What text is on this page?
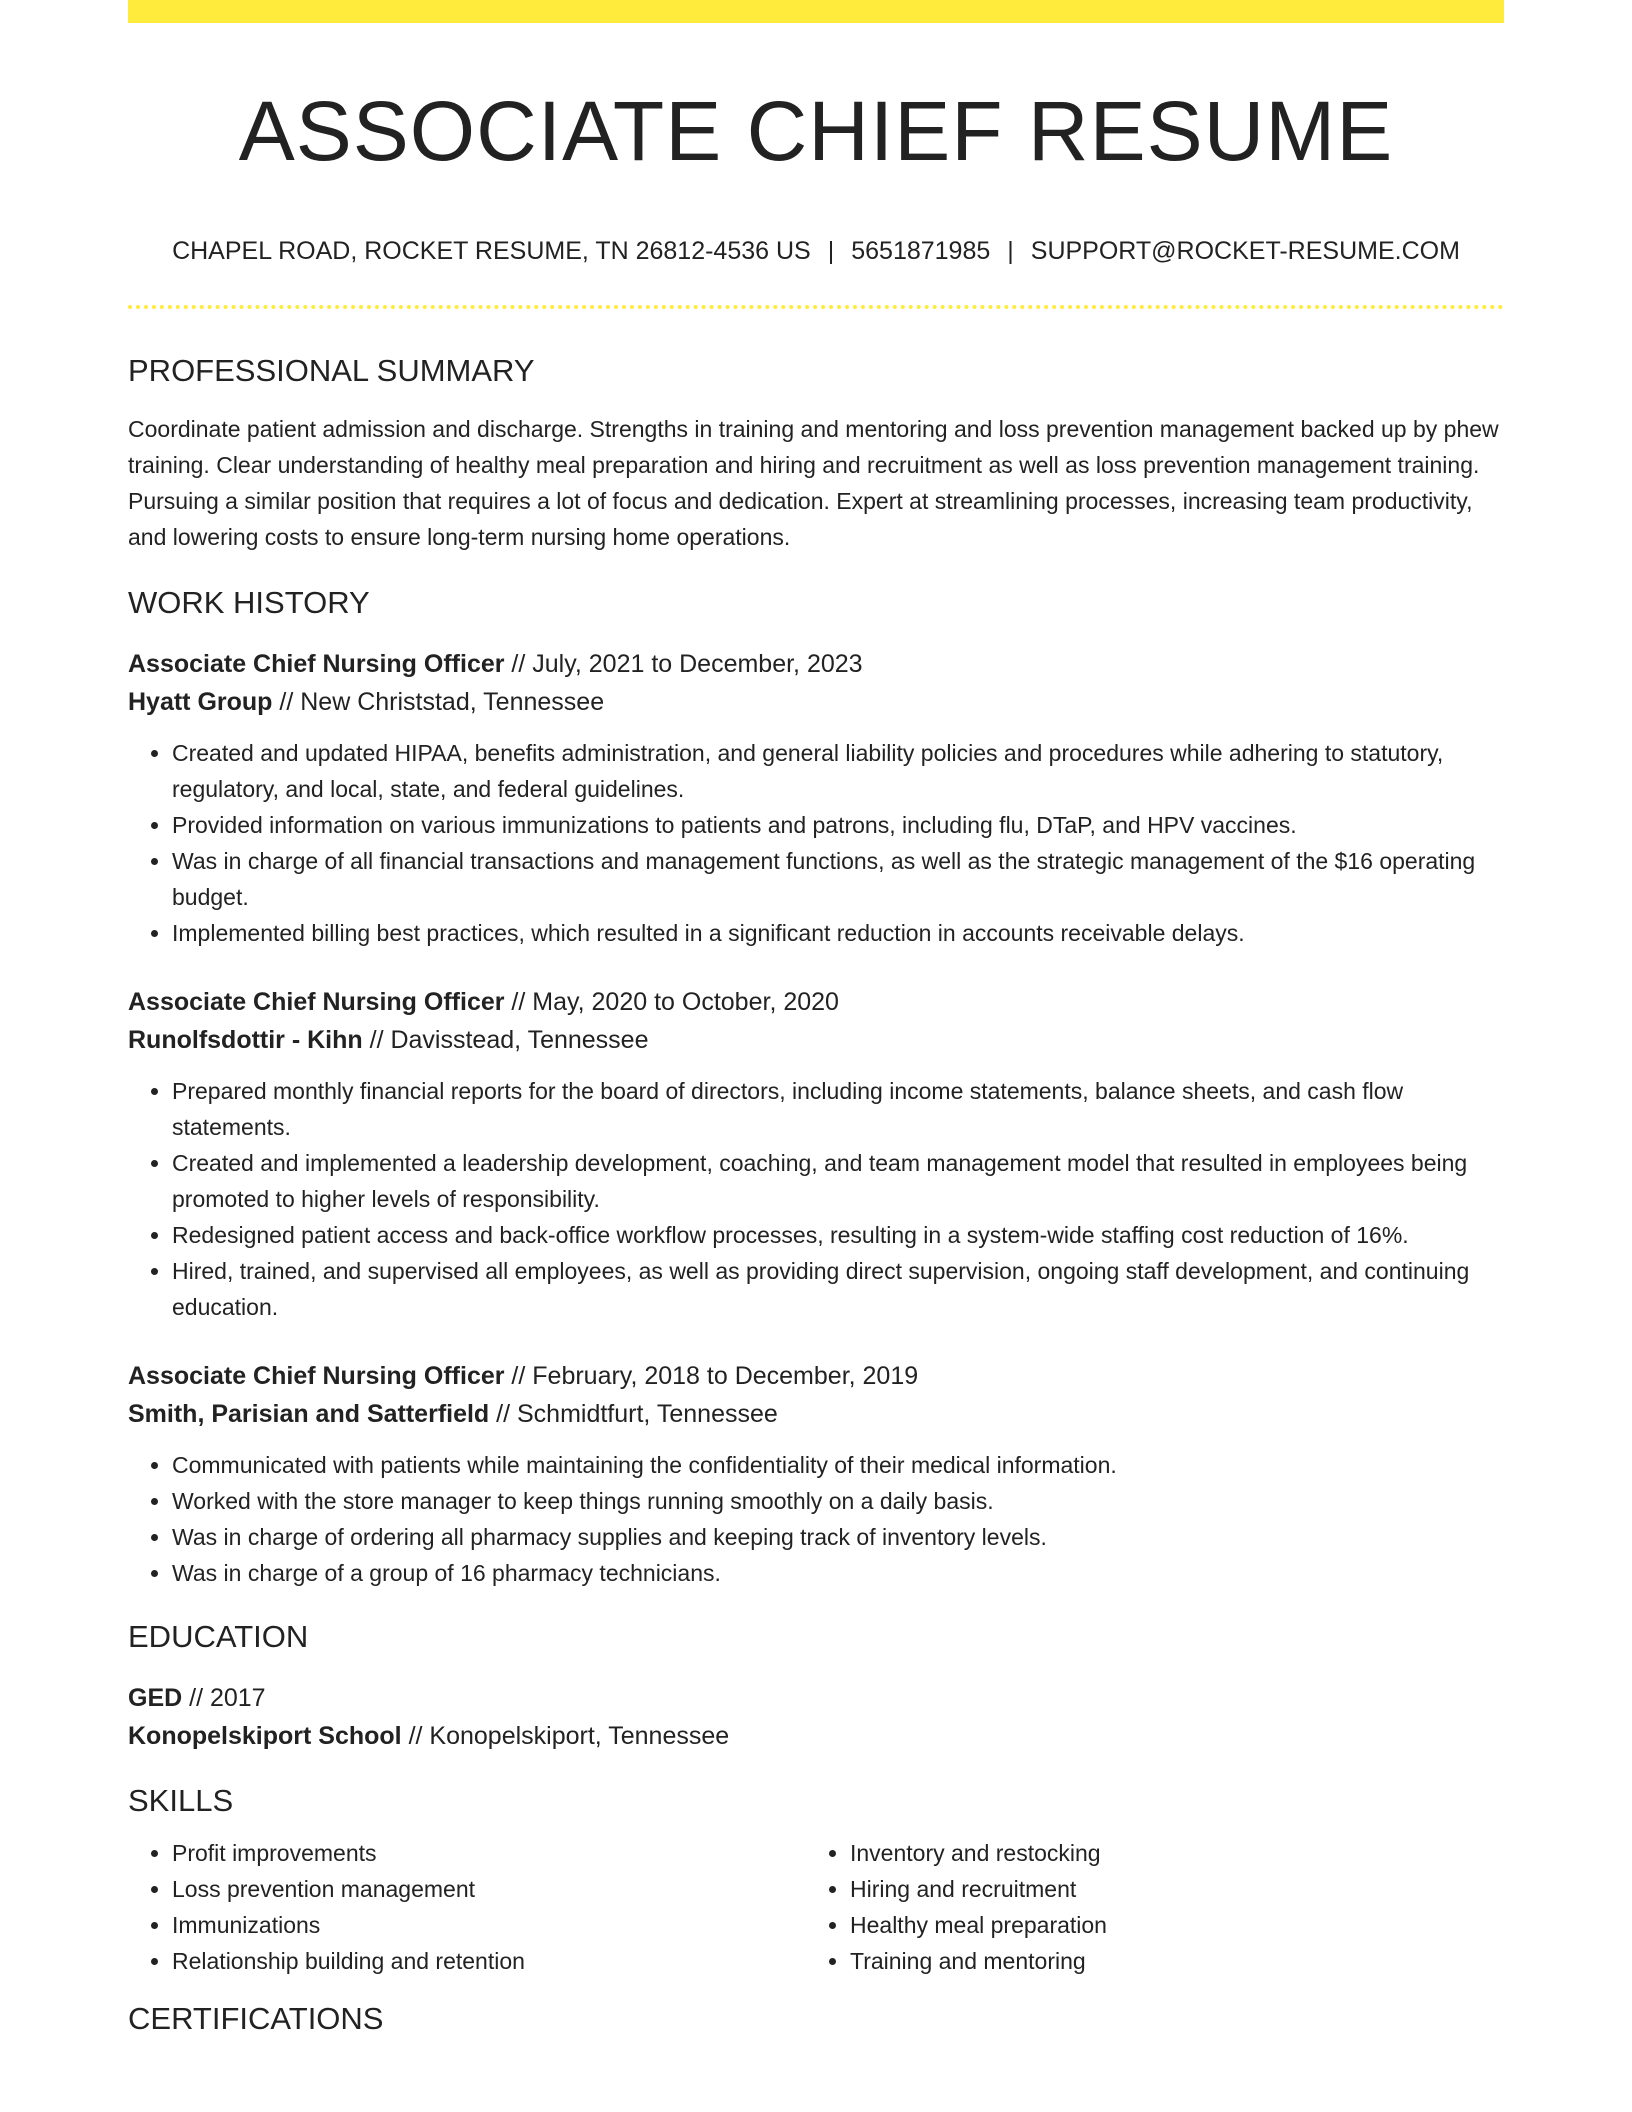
ASSOCIATE CHIEF RESUME
CHAPEL ROAD, ROCKET RESUME, TN 26812-4536 US | 5651871985 | SUPPORT@ROCKET-RESUME.COM
PROFESSIONAL SUMMARY
Coordinate patient admission and discharge. Strengths in training and mentoring and loss prevention management backed up by phew training. Clear understanding of healthy meal preparation and hiring and recruitment as well as loss prevention management training. Pursuing a similar position that requires a lot of focus and dedication. Expert at streamlining processes, increasing team productivity, and lowering costs to ensure long-term nursing home operations.
WORK HISTORY
Associate Chief Nursing Officer // July, 2021 to December, 2023
Hyatt Group // New Christstad, Tennessee
• Created and updated HIPAA, benefits administration, and general liability policies and procedures while adhering to statutory, regulatory, and local, state, and federal guidelines.
• Provided information on various immunizations to patients and patrons, including flu, DTaP, and HPV vaccines.
• Was in charge of all financial transactions and management functions, as well as the strategic management of the $16 operating budget.
• Implemented billing best practices, which resulted in a significant reduction in accounts receivable delays.
Associate Chief Nursing Officer // May, 2020 to October, 2020
Runolfsdottir - Kihn // Davisstead, Tennessee
• Prepared monthly financial reports for the board of directors, including income statements, balance sheets, and cash flow statements.
• Created and implemented a leadership development, coaching, and team management model that resulted in employees being promoted to higher levels of responsibility.
• Redesigned patient access and back-office workflow processes, resulting in a system-wide staffing cost reduction of 16%.
• Hired, trained, and supervised all employees, as well as providing direct supervision, ongoing staff development, and continuing education.
Associate Chief Nursing Officer // February, 2018 to December, 2019
Smith, Parisian and Satterfield // Schmidtfurt, Tennessee
• Communicated with patients while maintaining the confidentiality of their medical information.
• Worked with the store manager to keep things running smoothly on a daily basis.
• Was in charge of ordering all pharmacy supplies and keeping track of inventory levels.
• Was in charge of a group of 16 pharmacy technicians.
EDUCATION
GED // 2017
Konopelskiport School // Konopelskiport, Tennessee
SKILLS
• Profit improvements
• Loss prevention management
• Immunizations
• Relationship building and retention
• Inventory and restocking
• Hiring and recruitment
• Healthy meal preparation
• Training and mentoring
CERTIFICATIONS
